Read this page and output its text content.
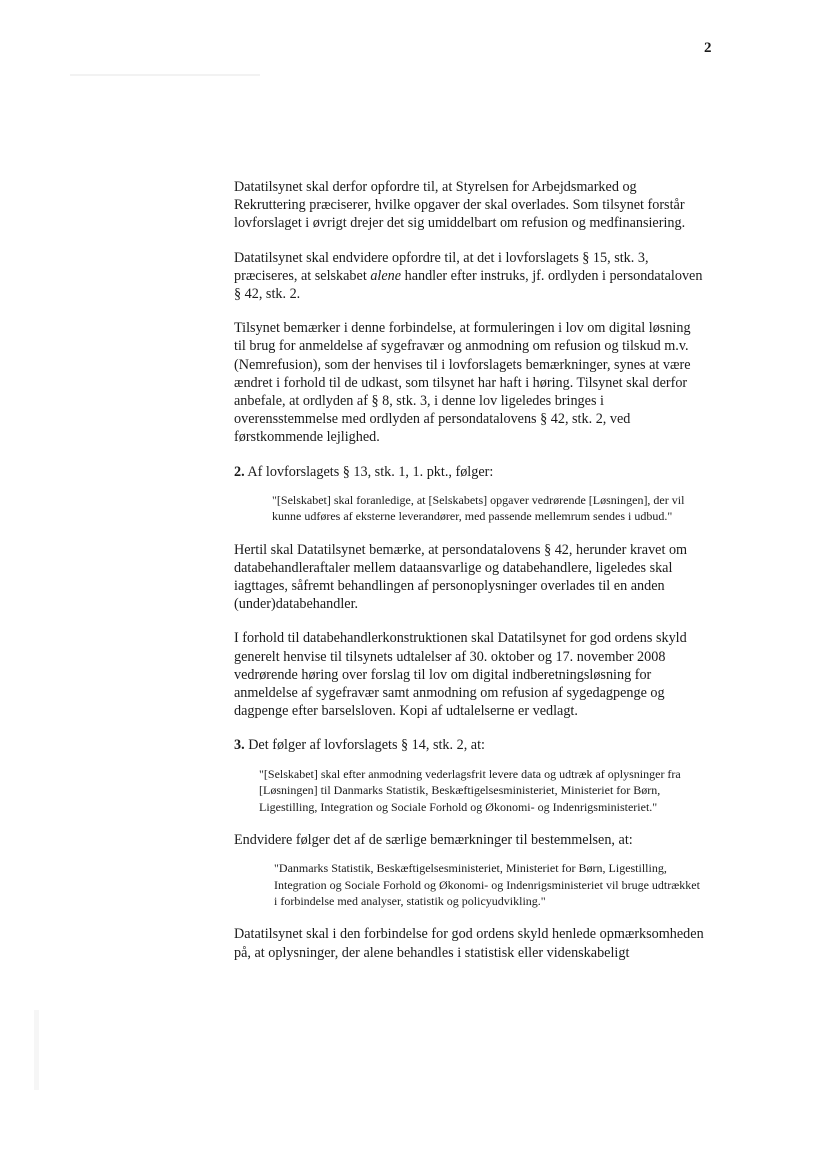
2

Datatilsynet skal derfor opfordre til, at Styrelsen for Arbejdsmarked og Rekruttering præciserer, hvilke opgaver der skal overlades. Som tilsynet forstår lovforslaget i øvrigt drejer det sig umiddelbart om refusion og medfinansiering.

Datatilsynet skal endvidere opfordre til, at det i lovforslagets § 15, stk. 3, præciseres, at selskabet alene handler efter instruks, jf. ordlyden i persondataloven § 42, stk. 2.

Tilsynet bemærker i denne forbindelse, at formuleringen i lov om digital løsning til brug for anmeldelse af sygefravær og anmodning om refusion og tilskud m.v. (Nemrefusion), som der henvises til i lovforslagets bemærkninger, synes at være ændret i forhold til de udkast, som tilsynet har haft i høring. Tilsynet skal derfor anbefale, at ordlyden af § 8, stk. 3, i denne lov ligeledes bringes i overensstemmelse med ordlyden af persondatalovens § 42, stk. 2, ved førstkommende lejlighed.

2. Af lovforslagets § 13, stk. 1, 1. pkt., følger:

"[Selskabet] skal foranledige, at [Selskabets] opgaver vedrørende [Løsningen], der vil kunne udføres af eksterne leverandører, med passende mellemrum sendes i udbud."

Hertil skal Datatilsynet bemærke, at persondatalovens § 42, herunder kravet om databehandleraftaler mellem dataansvarlige og databehandlere, ligeledes skal iagttages, såfremt behandlingen af personoplysninger overlades til en anden (under)databehandler.

I forhold til databehandlerkonstruktionen skal Datatilsynet for god ordens skyld generelt henvise til tilsynets udtalelser af 30. oktober og 17. november 2008 vedrørende høring over forslag til lov om digital indberetningsløsning for anmeldelse af sygefravær samt anmodning om refusion af sygedagpenge og dagpenge efter barselsloven. Kopi af udtalelserne er vedlagt.

3. Det følger af lovforslagets § 14, stk. 2, at:

"[Selskabet] skal efter anmodning vederlagsfrit levere data og udtræk af oplysninger fra [Løsningen] til Danmarks Statistik, Beskæftigelsesministeriet, Ministeriet for Børn, Ligestilling, Integration og Sociale Forhold og Økonomi- og Indenrigsministeriet."

Endvidere følger det af de særlige bemærkninger til bestemmelsen, at:

"Danmarks Statistik, Beskæftigelsesministeriet, Ministeriet for Børn, Ligestilling, Integration og Sociale Forhold og Økonomi- og Indenrigsministeriet vil bruge udtrækket i forbindelse med analyser, statistik og policyudvikling."

Datatilsynet skal i den forbindelse for god ordens skyld henlede opmærksomheden på, at oplysninger, der alene behandles i statistisk eller videnskabeligt
